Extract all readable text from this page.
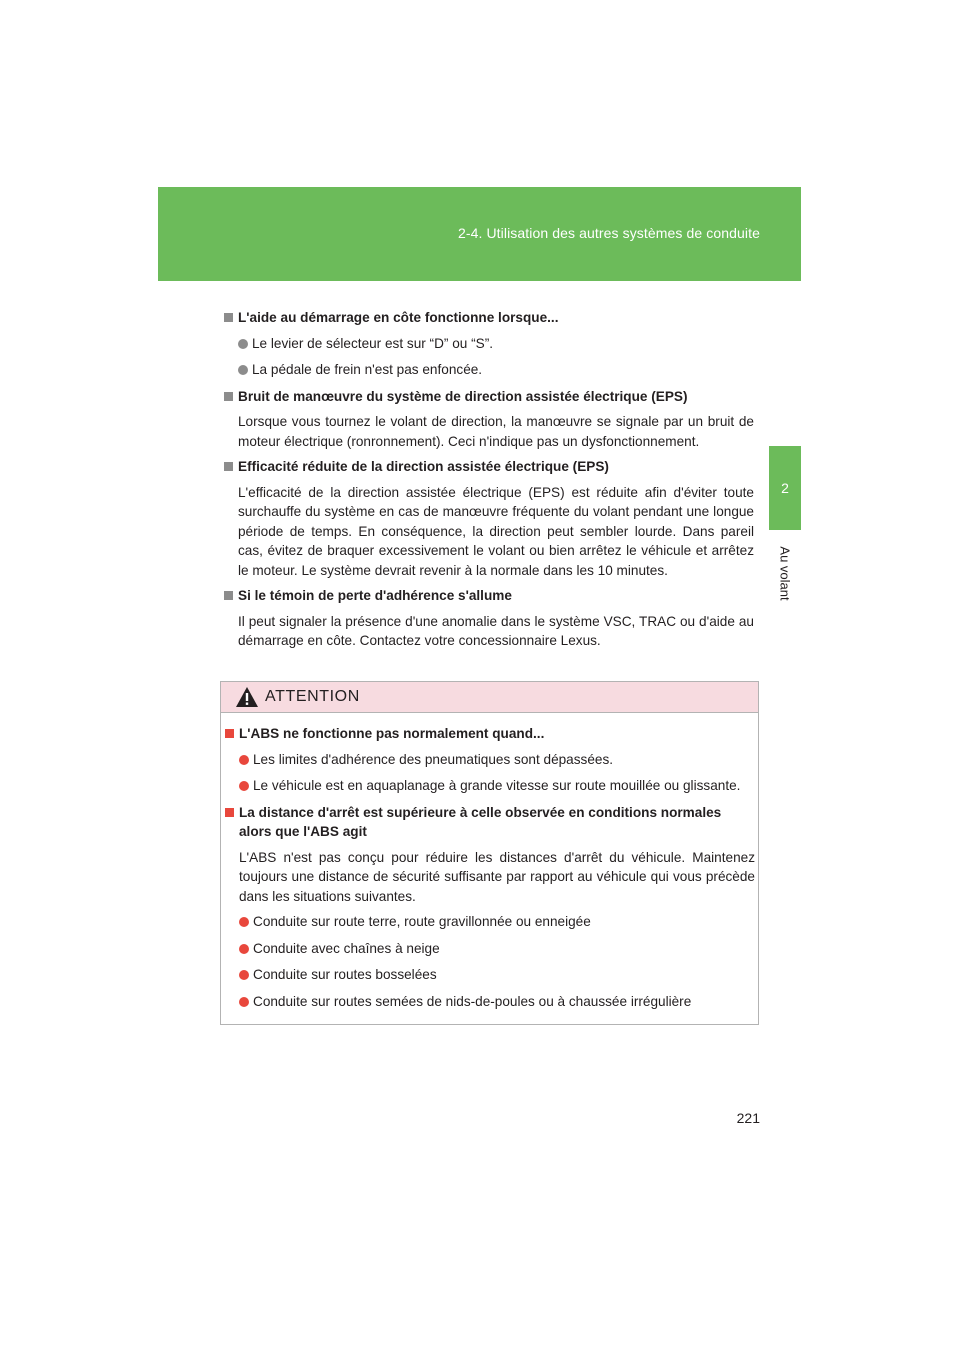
2-4. Utilisation des autres systèmes de conduite
2
Au volant

L'aide au démarrage en côte fonctionne lorsque...

Le levier de sélecteur est sur “D” ou “S”.

La pédale de frein n'est pas enfoncée.

Bruit de manœuvre du système de direction assistée électrique (EPS)

Lorsque vous tournez le volant de direction, la manœuvre se signale par un bruit de moteur électrique (ronronnement). Ceci n'indique pas un dysfonctionnement.

Efficacité réduite de la direction assistée électrique (EPS)

L'efficacité de la direction assistée électrique (EPS) est réduite afin d'éviter toute surchauffe du système en cas de manœuvre fréquente du volant pendant une longue période de temps. En conséquence, la direction peut sembler lourde. Dans pareil cas, évitez de braquer excessivement le volant ou bien arrêtez le véhicule et arrêtez le moteur. Le système devrait revenir à la normale dans les 10 minutes.

Si le témoin de perte d'adhérence s'allume

Il peut signaler la présence d'une anomalie dans le système VSC, TRAC ou d'aide au démarrage en côte. Contactez votre concessionnaire Lexus.

ATTENTION

L'ABS ne fonctionne pas normalement quand...

Les limites d'adhérence des pneumatiques sont dépassées.

Le véhicule est en aquaplanage à grande vitesse sur route mouillée ou glissante.

La distance d'arrêt est supérieure à celle observée en conditions normales alors que l'ABS agit

L'ABS n'est pas conçu pour réduire les distances d'arrêt du véhicule. Maintenez toujours une distance de sécurité suffisante par rapport au véhicule qui vous précède dans les situations suivantes.

Conduite sur route terre, route gravillonnée ou enneigée

Conduite avec chaînes à neige

Conduite sur routes bosselées

Conduite sur routes semées de nids-de-poules ou à chaussée irrégulière

221
